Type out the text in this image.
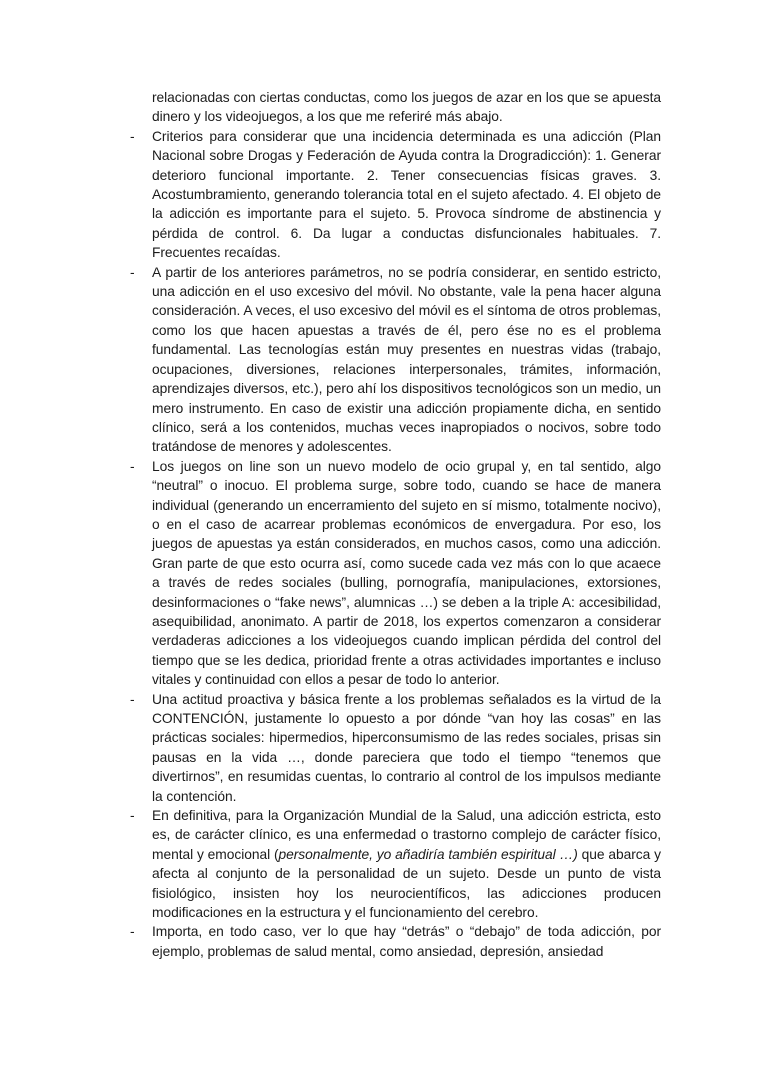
relacionadas con ciertas conductas, como los juegos de azar en los que se apuesta dinero y los videojuegos, a los que me referiré más abajo.

- Criterios para considerar que una incidencia determinada es una adicción (Plan Nacional sobre Drogas y Federación de Ayuda contra la Drogradicción): 1. Generar deterioro funcional importante. 2. Tener consecuencias físicas graves. 3. Acostumbramiento, generando tolerancia total en el sujeto afectado. 4. El objeto de la adicción es importante para el sujeto. 5. Provoca síndrome de abstinencia y pérdida de control. 6. Da lugar a conductas disfuncionales habituales. 7. Frecuentes recaídas.

- A partir de los anteriores parámetros, no se podría considerar, en sentido estricto, una adicción en el uso excesivo del móvil. No obstante, vale la pena hacer alguna consideración. A veces, el uso excesivo del móvil es el síntoma de otros problemas, como los que hacen apuestas a través de él, pero ése no es el problema fundamental. Las tecnologías están muy presentes en nuestras vidas (trabajo, ocupaciones, diversiones, relaciones interpersonales, trámites, información, aprendizajes diversos, etc.), pero ahí los dispositivos tecnológicos son un medio, un mero instrumento. En caso de existir una adicción propiamente dicha, en sentido clínico, será a los contenidos, muchas veces inapropiados o nocivos, sobre todo tratándose de menores y adolescentes.

- Los juegos on line son un nuevo modelo de ocio grupal y, en tal sentido, algo “neutral” o inocuo. El problema surge, sobre todo, cuando se hace de manera individual (generando un encerramiento del sujeto en sí mismo, totalmente nocivo), o en el caso de acarrear problemas económicos de envergadura. Por eso, los juegos de apuestas ya están considerados, en muchos casos, como una adicción. Gran parte de que esto ocurra así, como sucede cada vez más con lo que acaece a través de redes sociales (bulling, pornografía, manipulaciones, extorsiones, desinformaciones o “fake news”, alumnicas …) se deben a la triple A: accesibilidad, asequibilidad, anonimato. A partir de 2018, los expertos comenzaron a considerar verdaderas adicciones a los videojuegos cuando implican pérdida del control del tiempo que se les dedica, prioridad frente a otras actividades importantes e incluso vitales y continuidad con ellos a pesar de todo lo anterior.

- Una actitud proactiva y básica frente a los problemas señalados es la virtud de la CONTENCIÓN, justamente lo opuesto a por dónde “van hoy las cosas” en las prácticas sociales: hipermedios, hiperconsumismo de las redes sociales, prisas sin pausas en la vida …, donde pareciera que todo el tiempo “tenemos que divertirnos”, en resumidas cuentas, lo contrario al control de los impulsos mediante la contención.

- En definitiva, para la Organización Mundial de la Salud, una adicción estricta, esto es, de carácter clínico, es una enfermedad o trastorno complejo de carácter físico, mental y emocional (personalmente, yo añadiría también espiritual …) que abarca y afecta al conjunto de la personalidad de un sujeto. Desde un punto de vista fisiológico, insisten hoy los neurocientíficos, las adicciones producen modificaciones en la estructura y el funcionamiento del cerebro.

- Importa, en todo caso, ver lo que hay “detrás” o “debajo” de toda adicción, por ejemplo, problemas de salud mental, como ansiedad, depresión, ansiedad
